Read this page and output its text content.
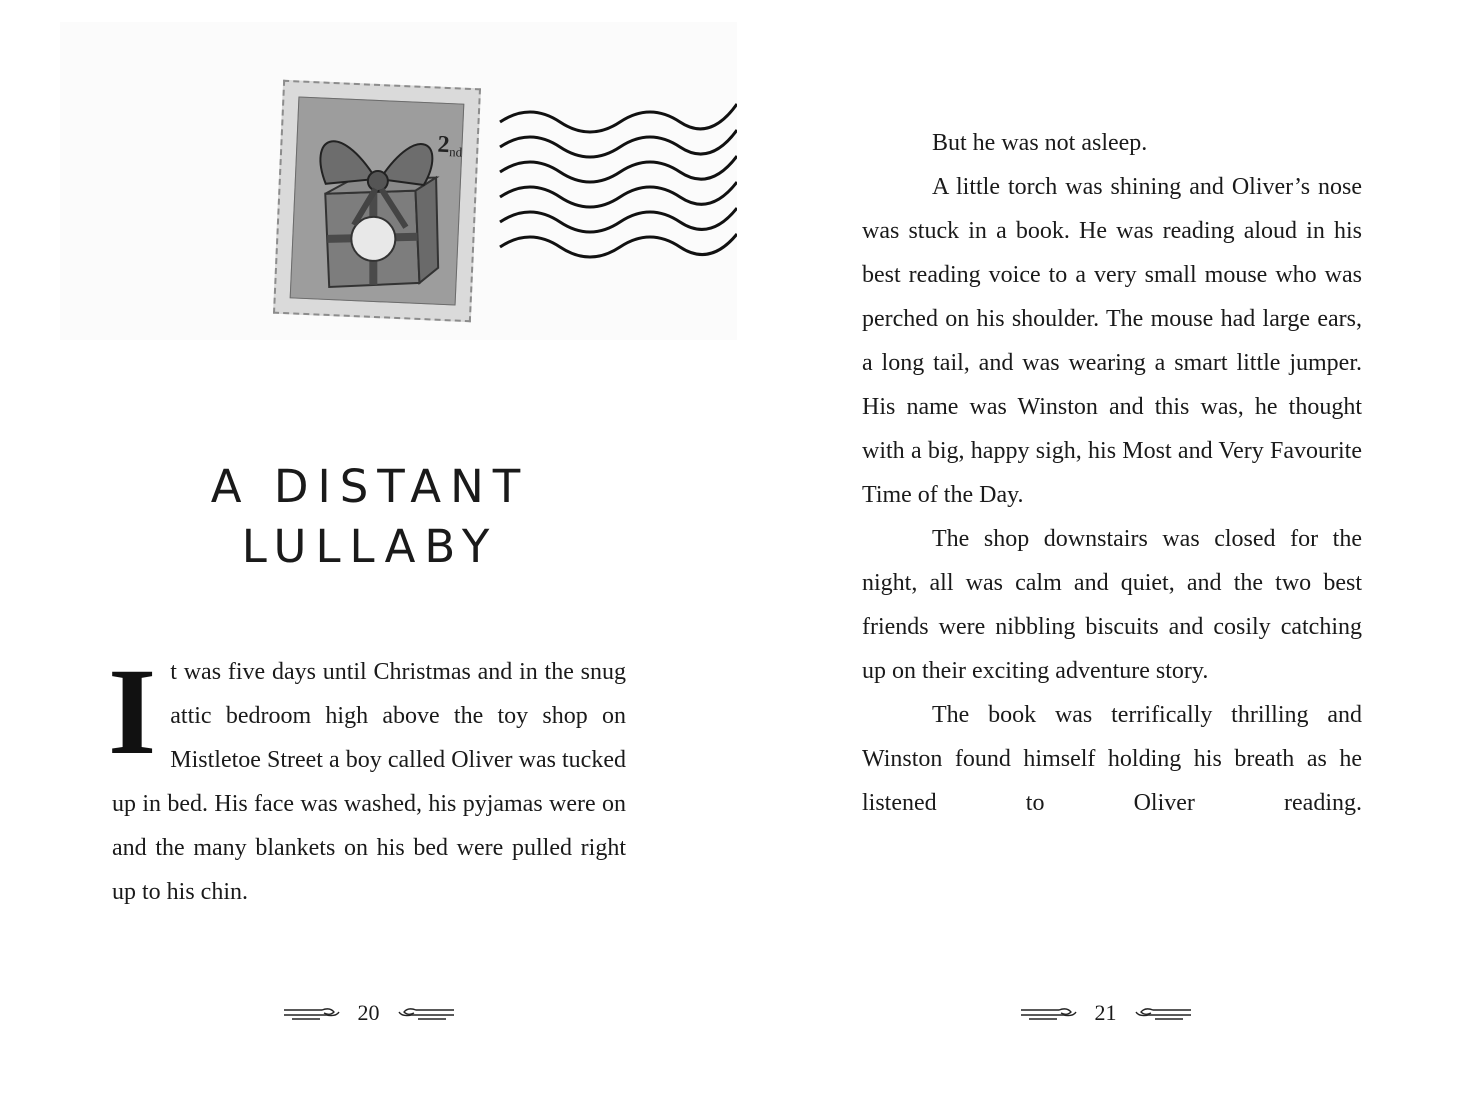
$2_{nd}$
A DISTANT
LULLABY

It was five days until Christmas and in the snug attic bedroom high above the toy shop on Mistletoe Street a boy called Oliver was tucked up in bed. His face was washed, his pyjamas were on and the many blankets on his bed were pulled right up to his chin.

20

But he was not asleep.

A little torch was shining and Oliver’s nose was stuck in a book. He was reading aloud in his best reading voice to a very small mouse who was perched on his shoulder. The mouse had large ears, a long tail, and was wearing a smart little jumper. His name was Winston and this was, he thought with a big, happy sigh, his Most and Very Favourite Time of the Day.

The shop downstairs was closed for the night, all was calm and quiet, and the two best friends were nibbling biscuits and cosily catching up on their exciting adventure story.

The book was terrifically thrilling and Winston found himself holding his breath as he listened to Oliver reading.

21
